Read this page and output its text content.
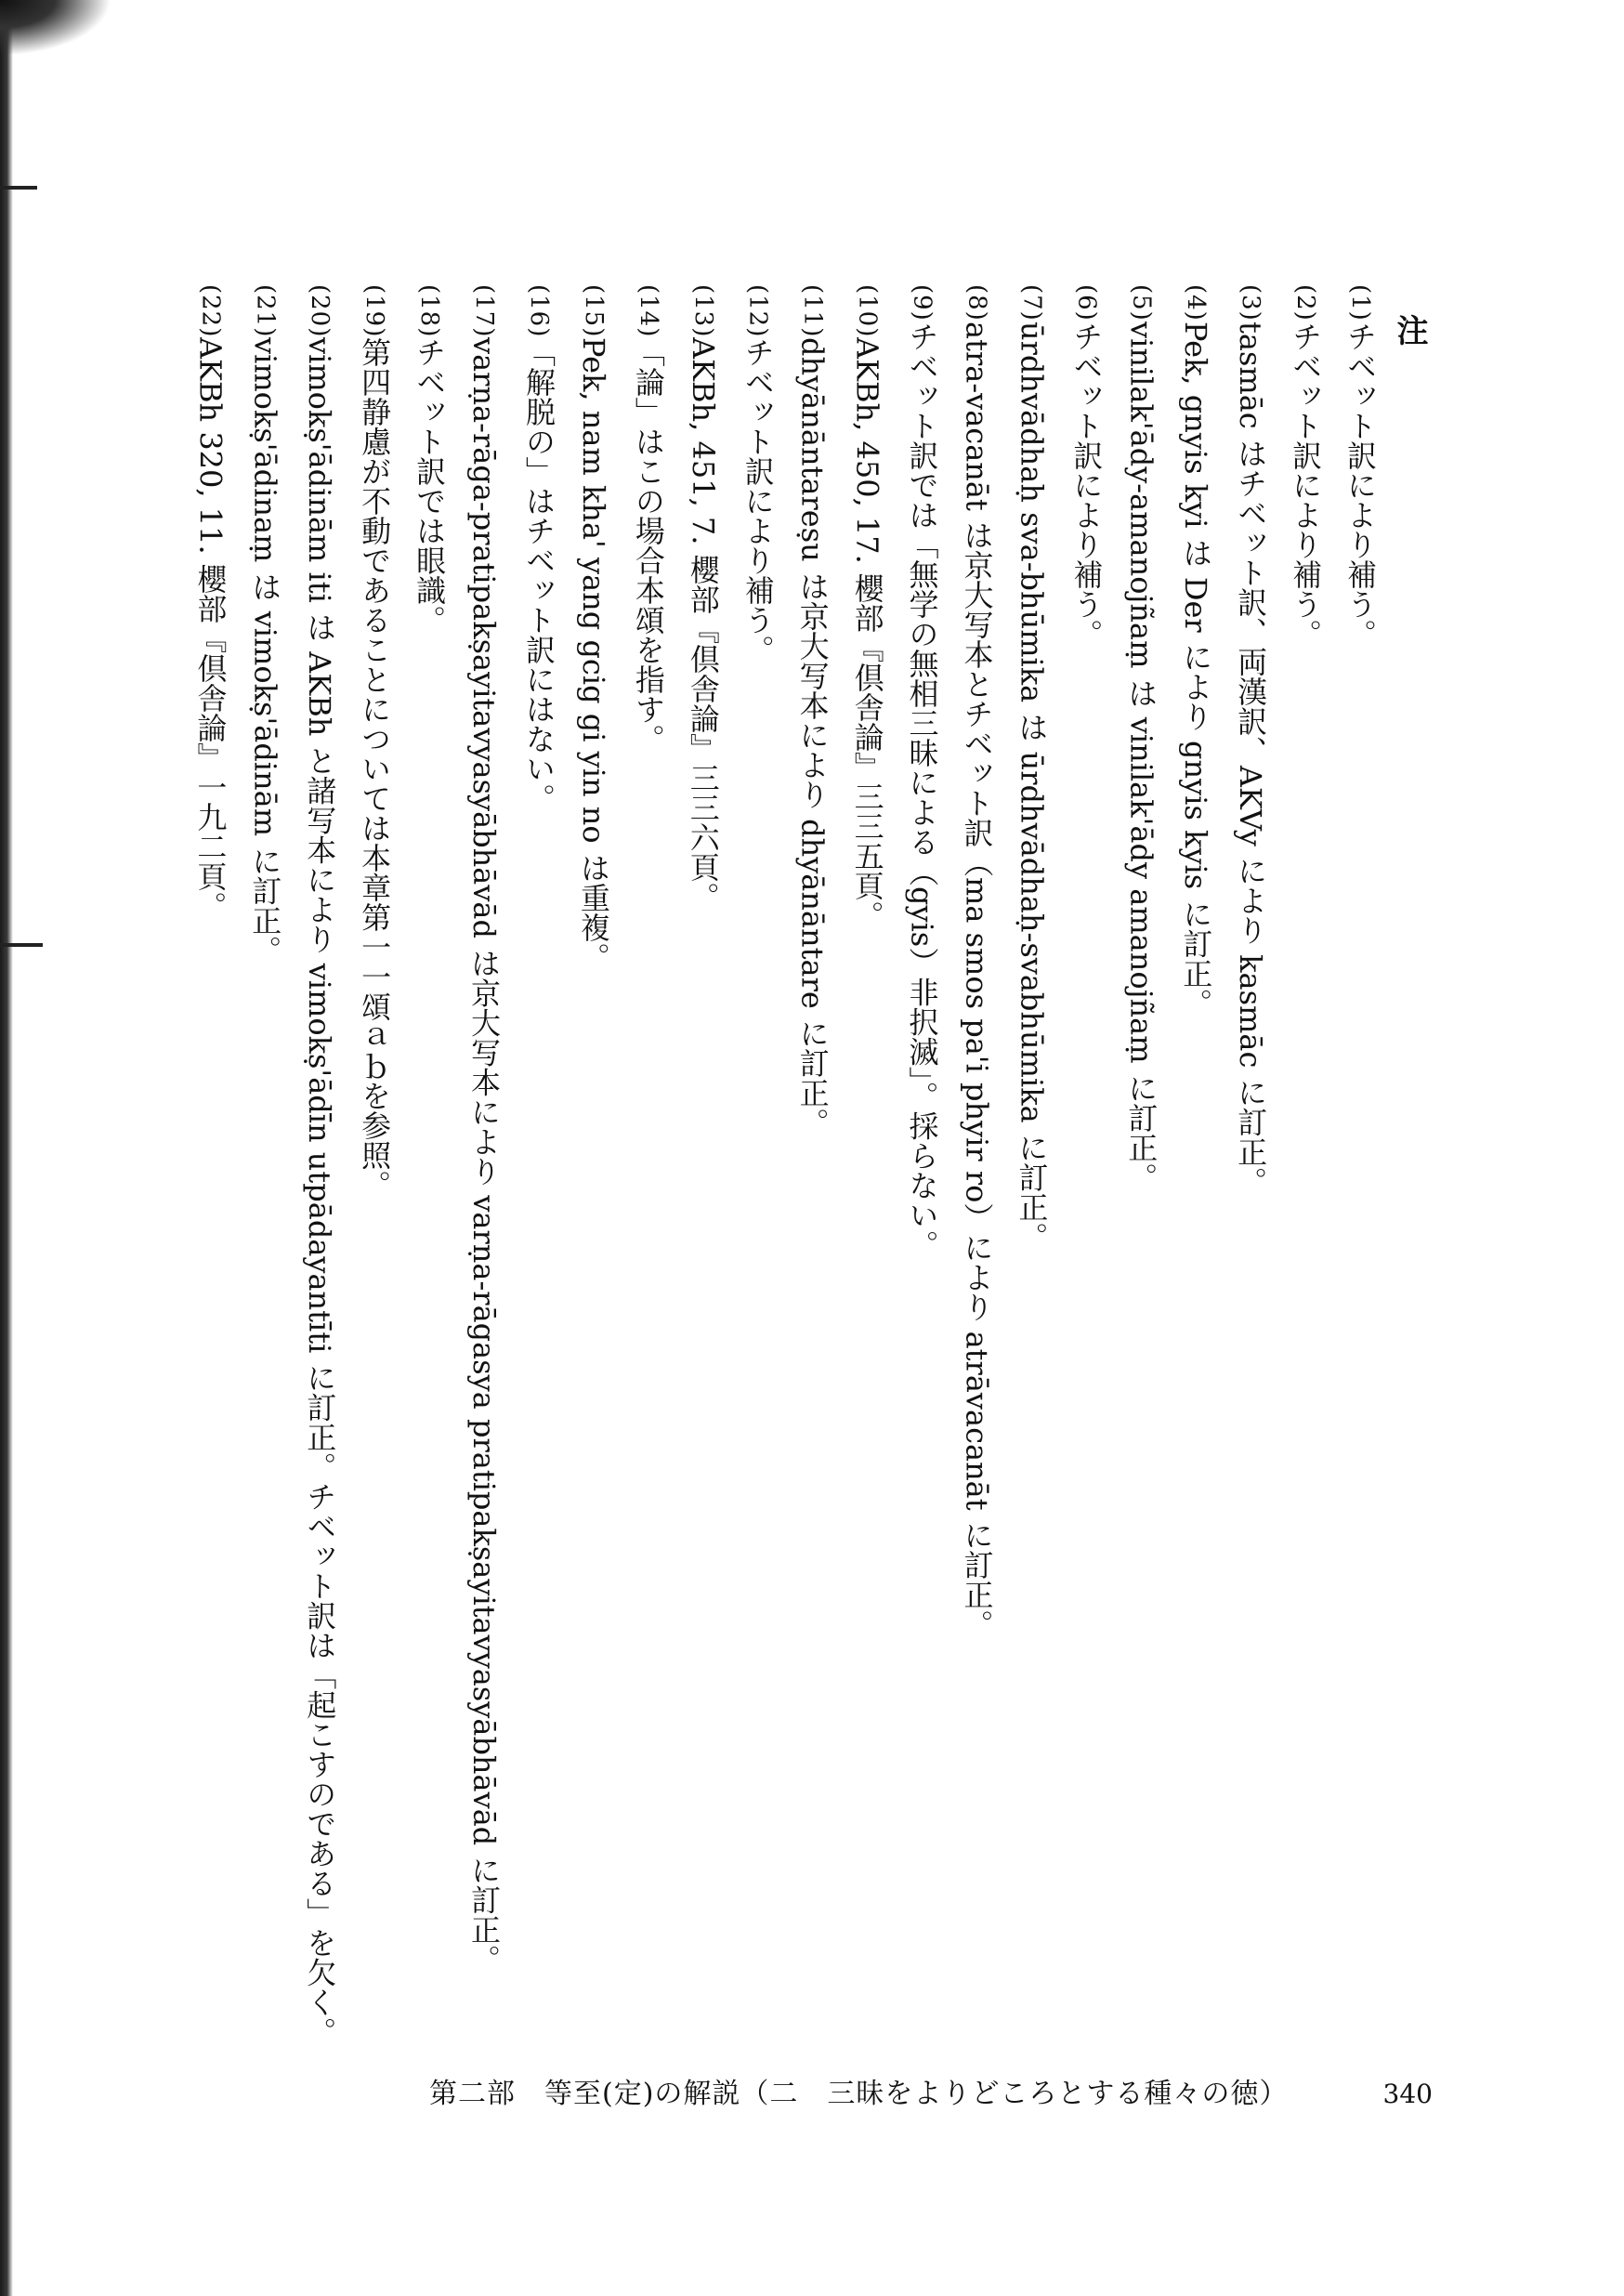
注
(1)
チベット訳により補う。
(2)
チベット訳により補う。
(3)
tasmāc はチベット訳、両漢訳、AKVy により kasmāc に訂正。
(4)
Pek, gnyis kyi は Der により gnyis kyis に訂正。
(5)
vinilak'ādy-amanojñaṃ は vinilak'ādy amanojñaṃ に訂正。
(6)
チベット訳により補う。
(7)
ūrdhvādhaḥ sva-bhūmika は ūrdhvādhaḥ-svabhūmika に訂正。
(8)
atra-vacanāt は京大写本とチベット訳（ma smos pa'i phyir ro）により atrāvacanāt に訂正。
(9)
チベット訳では「無学の無相三昧による（gyis）非択滅」。採らない。
(10)
AKBh, 450, 17. 櫻部『倶舎論』三三五頁。
(11)
dhyānāntareṣu は京大写本により dhyānāntare に訂正。
(12)
チベット訳により補う。
(13)
AKBh, 451, 7. 櫻部『倶舎論』三三六頁。
(14)
「論」はこの場合本頌を指す。
(15)
Pek, nam kha' yang gcig gi yin no は重複。
(16)
「解脱の」はチベット訳にはない。
(17)
varṇa-rāga-pratipakṣayitavyasyābhāvād は京大写本により varṇa-rāgasya pratipakṣayitavyasyābhāvād に訂正。
(18)
チベット訳では眼識。
(19)
第四静慮が不動であることについては本章第一一頌ａｂを参照。
(20)
vimokṣ'ādinām iti は AKBh と諸写本により vimokṣ'ādīn utpādayantīti に訂正。チベット訳は「起こすのである」を欠く。
(21)
vimokṣ'ādinaṃ は vimokṣ'ādinām に訂正。
(22)
AKBh 320, 11. 櫻部『倶舎論』一九二頁。
第二部　等至(定)の解説（二　三昧をよりどころとする種々の徳）	340
